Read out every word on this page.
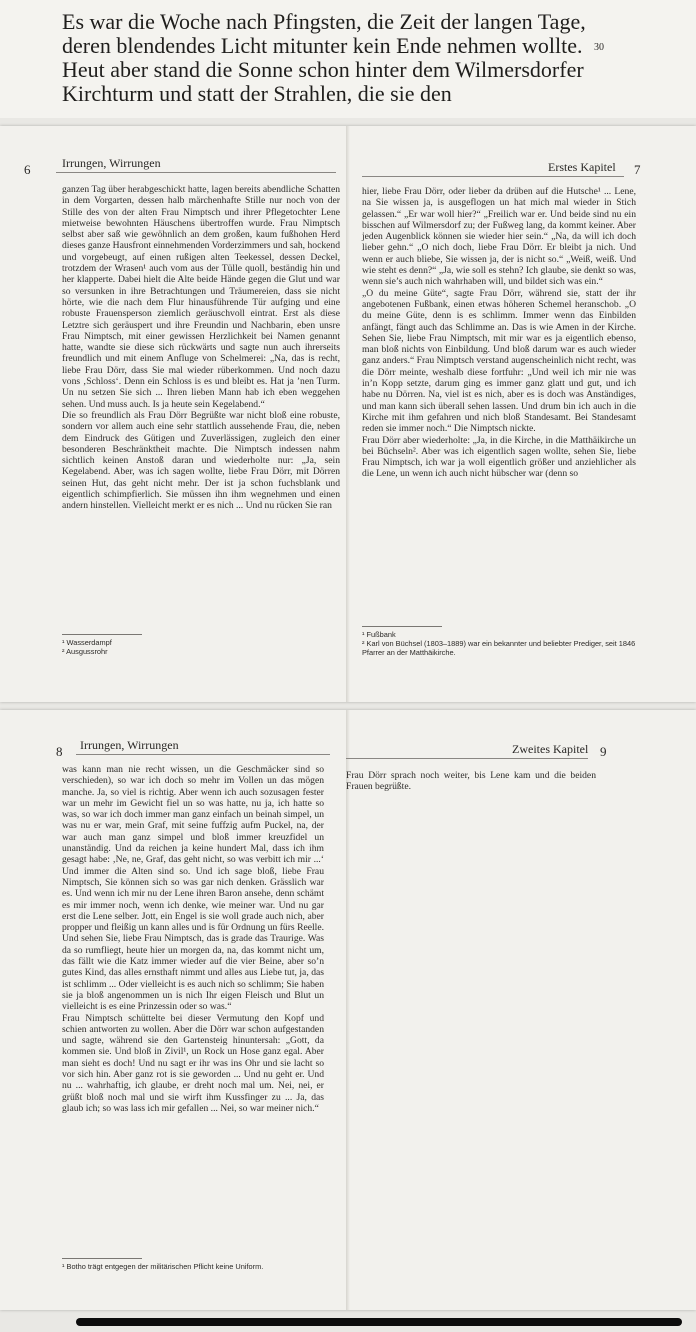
Es war die Woche nach Pfingsten, die Zeit der langen Tage, deren blendendes Licht mitunter kein Ende nehmen wollte. Heut aber stand die Sonne schon hinter dem Wilmersdorfer Kirchturm und statt der Strahlen, die sie den

30
6	Irrungen, Wirrungen	Erstes Kapitel 7

ganzen Tag über herabgeschickt hatte, lagen bereits abendliche Schatten in dem Vorgarten, dessen halb märchenhafte Stille nur noch von der Stille des von der alten Frau Nimptsch und ihrer Pflegetochter Lene mietweise bewohnten Häuschens übertroffen wurde. Frau Nimptsch selbst aber saß wie gewöhnlich an dem großen, kaum fußhohen Herd dieses ganze Hausfront einnehmenden Vorderzimmers und sah, hockend und vorgebeugt, auf einen rußigen alten Teekessel, dessen Deckel, trotzdem der Wrasen¹ auch vom aus der Tülle quoll, beständig hin und her klapperte. Dabei hielt die Alte beide Hände gegen die Glut und war so versunken in ihre Betrachtungen und Träumereien, dass sie nicht hörte, wie die nach dem Flur hinausführende Tür aufging und eine robuste Frauensperson ziemlich geräuschvoll eintrat. Erst als diese Letztre sich geräuspert und ihre Freundin und Nachbarin, eben unsre Frau Nimptsch, mit einer gewissen Herzlichkeit bei Namen genannt hatte, wandte sie diese sich rückwärts und sagte nun auch ihrerseits freundlich und mit einem Anfluge von Schelmerei: „Na, das is recht, liebe Frau Dörr, dass Sie mal wieder rüberkommen. Und noch dazu vons ‚Schloss‘. Denn ein Schloss is es und bleibt es. Hat ja ’nen Turm. Un nu setzen Sie sich ... Ihren lieben Mann hab ich eben weggehen sehen. Und muss auch. Is ja heute sein Kegelabend.“

Die so freundlich als Frau Dörr Begrüßte war nicht bloß eine robuste, sondern vor allem auch eine sehr stattlich aussehende Frau, die, neben dem Eindruck des Gütigen und Zuverlässigen, zugleich den einer besonderen Beschränktheit machte. Die Nimptsch indessen nahm sichtlich keinen Anstoß daran und wiederholte nur: „Ja, sein Kegelabend. Aber, was ich sagen wollte, liebe Frau Dörr, mit Dörren seinen Hut, das geht nicht mehr. Der ist ja schon fuchsblank und eigentlich schimpfierlich. Sie müssen ihn ihm wegnehmen und einen andern hinstellen. Vielleicht merkt er es nich ... Und nu rücken Sie ran

¹ Wasserdampf
² Ausgussrohr

hier, liebe Frau Dörr, oder lieber da drüben auf die Hutsche¹ ... Lene, na Sie wissen ja, is ausgeflogen un hat mich mal wieder in Stich gelassen.“ „Er war woll hier?“ „Freilich war er. Und beide sind nu ein bisschen auf Wilmersdorf zu; der Fußweg lang, da kommt keiner. Aber jeden Augenblick können sie wieder hier sein.“ „Na, da will ich doch lieber gehn.“ „O nich doch, liebe Frau Dörr. Er bleibt ja nich. Und wenn er auch bliebe, Sie wissen ja, der is nicht so.“ „Weiß, weiß. Und wie steht es denn?“ „Ja, wie soll es stehn? Ich glaube, sie denkt so was, wenn sie’s auch nich wahrhaben will, und bildet sich was ein.“

„O du meine Güte“, sagte Frau Dörr, während sie, statt der ihr angebotenen Fußbank, einen etwas höheren Schemel heranschob. „O du meine Güte, denn is es schlimm. Immer wenn das Einbilden anfängt, fängt auch das Schlimme an. Das is wie Amen in der Kirche. Sehen Sie, liebe Frau Nimptsch, mit mir war es ja eigentlich ebenso, man bloß nichts von Einbildung. Und bloß darum war es auch wieder ganz anders.“ Frau Nimptsch verstand augenscheinlich nicht recht, was die Dörr meinte, weshalb diese fortfuhr: „Und weil ich mir nie was in’n Kopp setzte, darum ging es immer ganz glatt und gut, und ich habe nu Dörren. Na, viel ist es nich, aber es is doch was Anständiges, und man kann sich überall sehen lassen. Und drum bin ich auch in die Kirche mit ihm gefahren und nich bloß Standesamt. Bei Standesamt reden sie immer noch.“ Die Nimptsch nickte.

Frau Dörr aber wiederholte: „Ja, in die Kirche, in die Matthäikirche un bei Büchseln². Aber was ich eigentlich sagen wollte, sehen Sie, liebe Frau Nimptsch, ich war ja woll eigentlich größer und anziehlicher als die Lene, un wenn ich auch nicht hübscher war (denn so

¹ Fußbank
² Karl von Büchsel (1803–1889) war ein bekannter und beliebter Prediger, seit 1846 Pfarrer an der Matthäikirche.
8 Irrungen, Wirrungen	Zweites Kapitel 9

was kann man nie recht wissen, un die Geschmäcker sind so verschieden), so war ich doch so mehr im Vollen un das mögen manche. Ja, so viel is richtig. Aber wenn ich auch sozusagen fester war un mehr im Gewicht fiel un so was hatte, nu ja, ich hatte so was, so war ich doch immer man ganz einfach un beinah simpel, un was nu er war, mein Graf, mit seine fuffzig aufm Puckel, na, der war auch man ganz simpel und bloß immer kreuzfidel un unanständig. Und da reichen ja keine hundert Mal, dass ich ihm gesagt habe: ‚Ne, ne, Graf, das geht nicht, so was verbitt ich mir ...‘ Und immer die Alten sind so. Und ich sage bloß, liebe Frau Nimptsch, Sie können sich so was gar nich denken. Grässlich war es. Und wenn ich mir nu der Lene ihren Baron ansehe, denn schämt es mir immer noch, wenn ich denke, wie meiner war. Und nu gar erst die Lene selber. Jott, ein Engel is sie woll grade auch nich, aber propper und fleißig un kann alles und is für Ordnung un fürs Reelle. Und sehen Sie, liebe Frau Nimptsch, das is grade das Traurige. Was da so rumfliegt, heute hier un morgen da, na, das kommt nicht um, das fällt wie die Katz immer wieder auf die vier Beine, aber so’n gutes Kind, das alles ernsthaft nimmt und alles aus Liebe tut, ja, das ist schlimm ... Oder vielleicht is es auch nich so schlimm; Sie haben sie ja bloß angenommen un is nich Ihr eigen Fleisch und Blut un vielleicht is es eine Prinzessin oder so was.“

Frau Nimptsch schüttelte bei dieser Vermutung den Kopf und schien antworten zu wollen. Aber die Dörr war schon aufgestanden und sagte, während sie den Gartensteig hinuntersah: „Gott, da kommen sie. Und bloß in Zivil¹, un Rock un Hose ganz egal. Aber man sieht es doch! Und nu sagt er ihr was ins Ohr und sie lacht so vor sich hin. Aber ganz rot is sie geworden ... Und nu geht er. Und nu ... wahrhaftig, ich glaube, er dreht noch mal um. Nei, nei, er grüßt bloß noch mal und sie wirft ihm Kussfinger zu ... Ja, das glaub ich; so was lass ich mir gefallen ... Nei, so war meiner nich.“

¹ Botho trägt entgegen der militärischen Pflicht keine Uniform.

Frau Dörr sprach noch weiter, bis Lene kam und die beiden Frauen begrüßte.
